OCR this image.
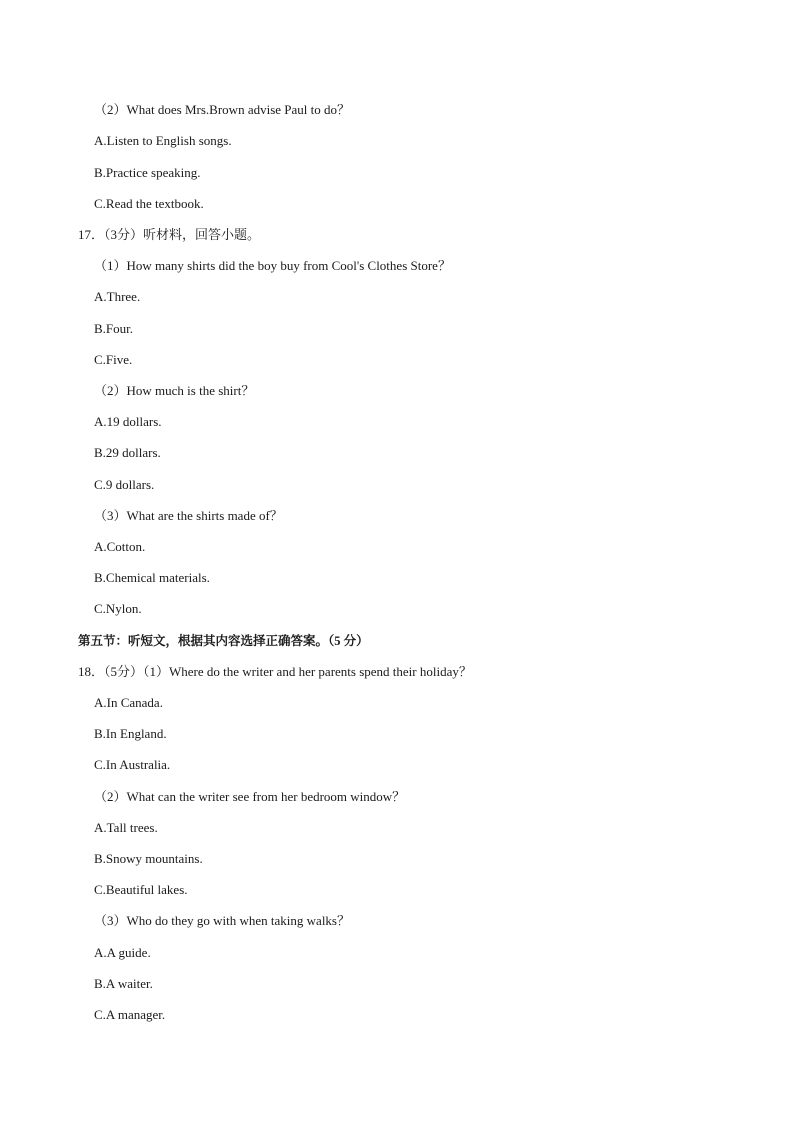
（2）What does Mrs.Brown advise Paul to do？
A.Listen to English songs.
B.Practice speaking.
C.Read the textbook.
17．（3分）听材料，回答小题。
（1）How many shirts did the boy buy from Cool's Clothes Store？
A.Three.
B.Four.
C.Five.
（2）How much is the shirt？
A.19 dollars.
B.29 dollars.
C.9 dollars.
（3）What are the shirts made of？
A.Cotton.
B.Chemical materials.
C.Nylon.
第五节：听短文，根据其内容选择正确答案。（5 分）
18．（5分）（1）Where do the writer and her parents spend their holiday？
A.In Canada.
B.In England.
C.In Australia.
（2）What can the writer see from her bedroom window？
A.Tall trees.
B.Snowy mountains.
C.Beautiful lakes.
（3）Who do they go with when taking walks？
A.A guide.
B.A waiter.
C.A manager.
